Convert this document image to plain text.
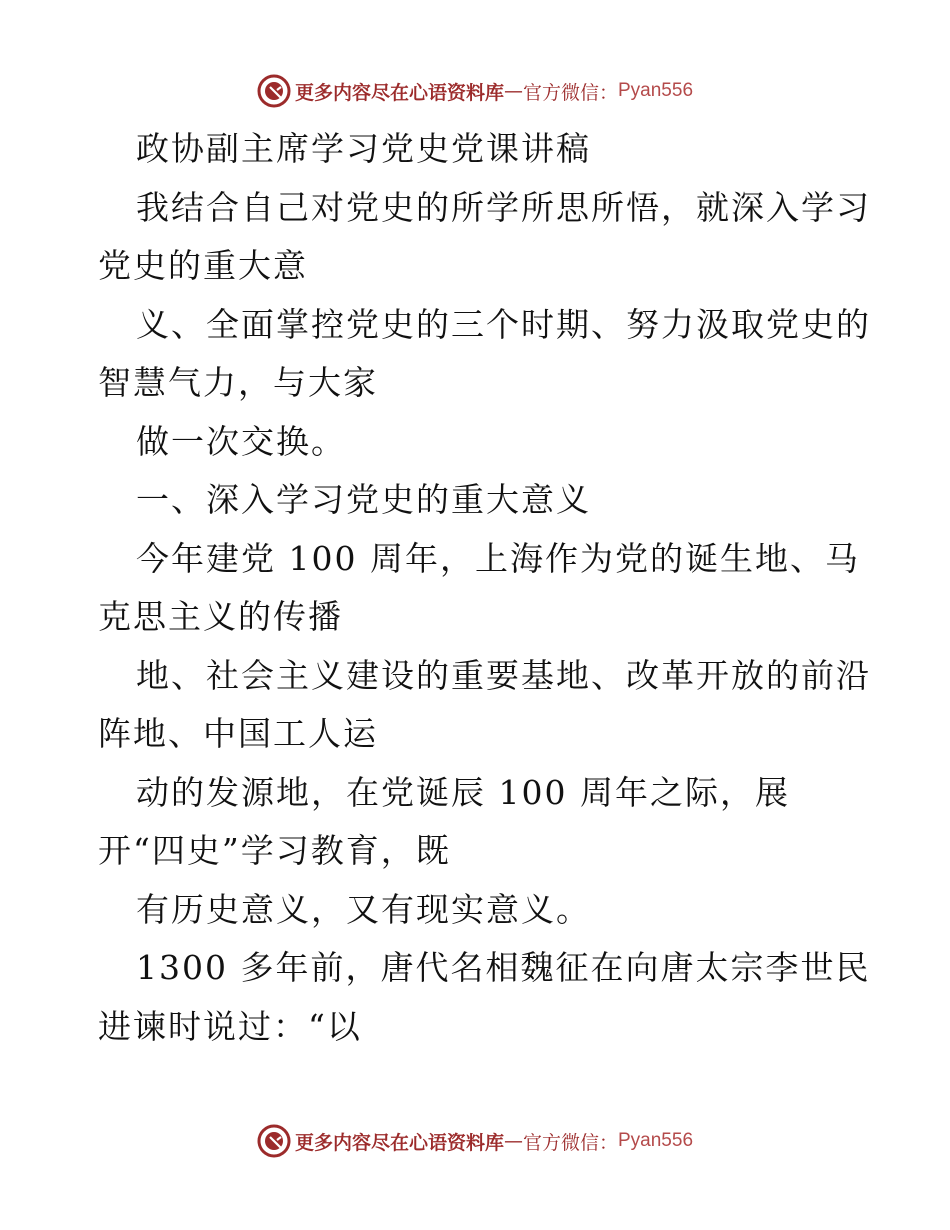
更多内容尽在心语资料库 — 官方微信： Pyan556
政协副主席学习党史党课讲稿
我结合自己对党史的所学所思所悟，就深入学习
党史的重大意
义、全面掌控党史的三个时期、努力汲取党史的
智慧气力，与大家
做一次交换。
一、深入学习党史的重大意义
今年建党 100 周年，上海作为党的诞生地、马
克思主义的传播
地、社会主义建设的重要基地、改革开放的前沿
阵地、中国工人运
动的发源地，在党诞辰 100 周年之际，展
开“四史”学习教育，既
有历史意义，又有现实意义。
1300 多年前，唐代名相魏征在向唐太宗李世民
进谏时说过：“以
更多内容尽在心语资料库 — 官方微信： Pyan556
